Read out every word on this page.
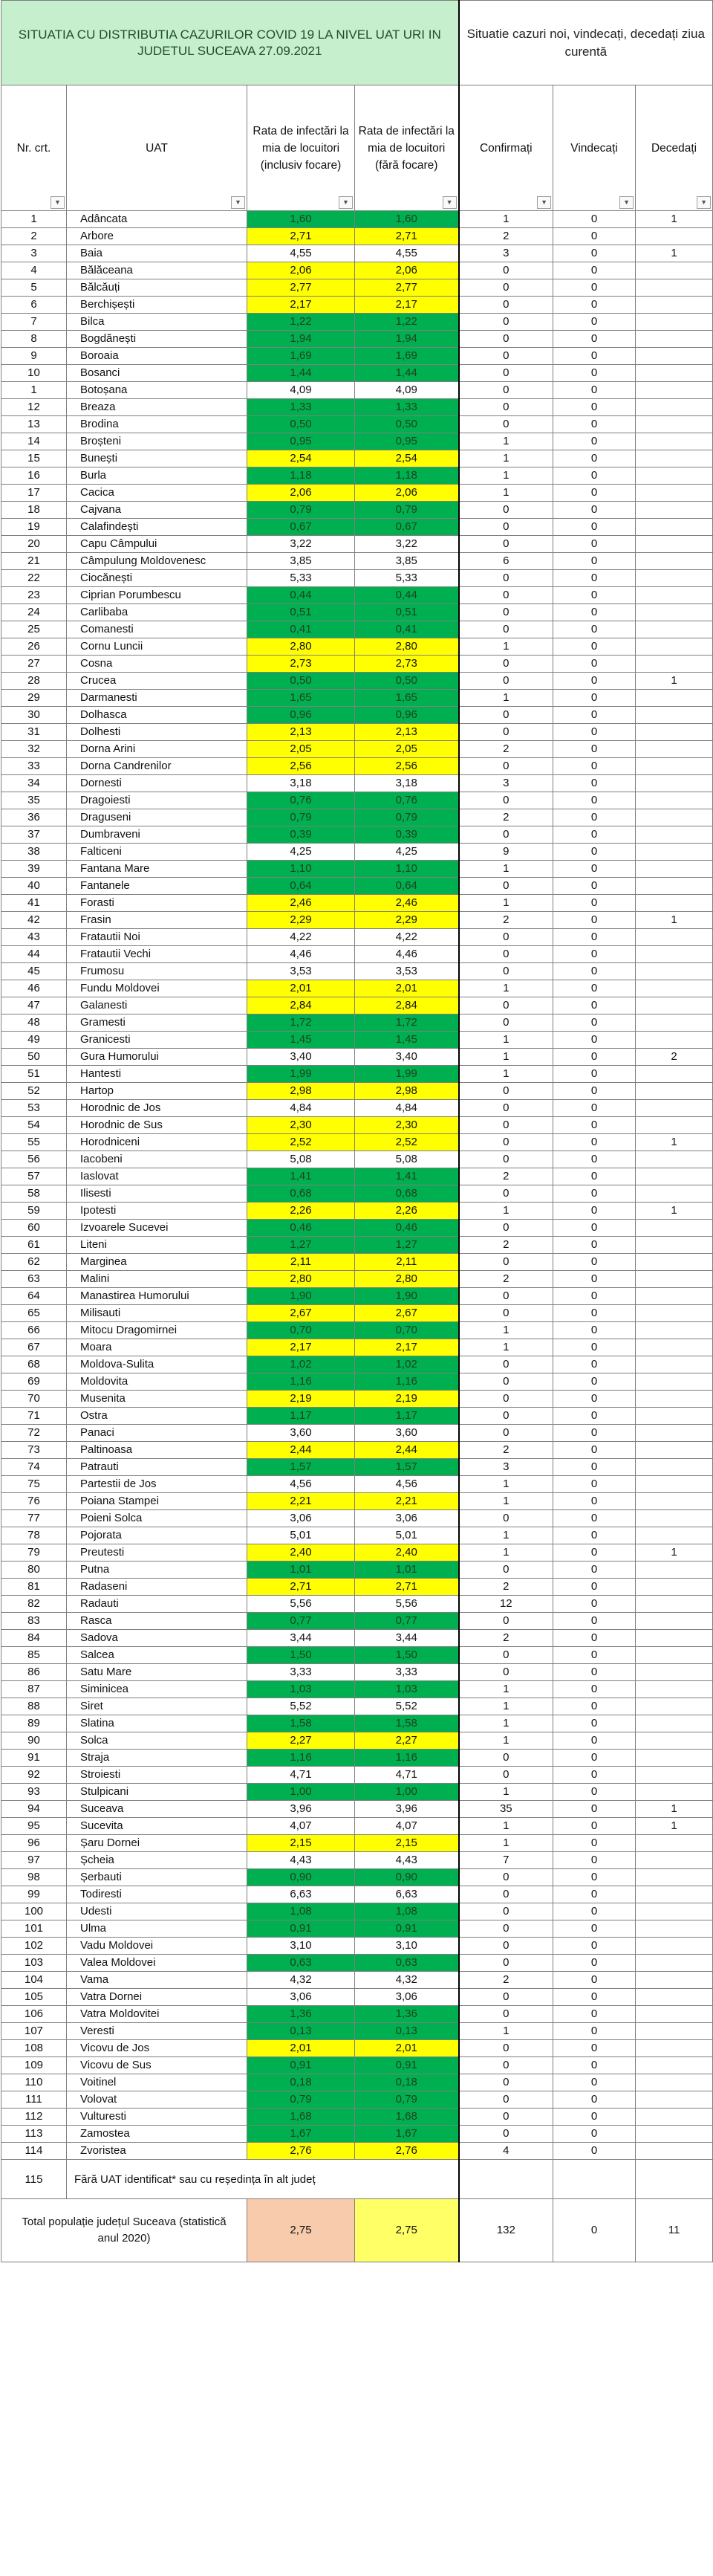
SITUATIA CU DISTRIBUTIA CAZURILOR COVID 19 LA NIVEL UAT URI IN JUDETUL SUCEAVA 27.09.2021				Situatie cazuri noi, vindecați, decedați ziua curentă		
Nr. crt.
▼	UAT
▼	Rata de infectări la mia de locuitori (inclusiv focare)
▼	Rata de infectări la mia de locuitori (fără focare)
▼	Confirmați
▼	Vindecați
▼	Decedați
▼

1	Adâncata	1,60	1,60	1	0	1
2	Arbore	2,71	2,71	2	0	
3	Baia	4,55	4,55	3	0	1
4	Bălăceana	2,06	2,06	0	0	
5	Bălcăuți	2,77	2,77	0	0	
6	Berchișești	2,17	2,17	0	0	
7	Bilca	1,22	1,22	0	0	
8	Bogdănești	1,94	1,94	0	0	
9	Boroaia	1,69	1,69	0	0	
10	Bosanci	1,44	1,44	0	0	
1	Botoșana	4,09	4,09	0	0	
12	Breaza	1,33	1,33	0	0	
13	Brodina	0,50	0,50	0	0	
14	Broșteni	0,95	0,95	1	0	
15	Bunești	2,54	2,54	1	0	
16	Burla	1,18	1,18	1	0	
17	Cacica	2,06	2,06	1	0	
18	Cajvana	0,79	0,79	0	0	
19	Calafindești	0,67	0,67	0	0	
20	Capu Câmpului	3,22	3,22	0	0	
21	Câmpulung Moldovenesc	3,85	3,85	6	0	
22	Ciocănești	5,33	5,33	0	0	
23	Ciprian Porumbescu	0,44	0,44	0	0	
24	Carlibaba	0,51	0,51	0	0	
25	Comanesti	0,41	0,41	0	0	
26	Cornu Luncii	2,80	2,80	1	0	
27	Cosna	2,73	2,73	0	0	
28	Crucea	0,50	0,50	0	0	1
29	Darmanesti	1,65	1,65	1	0	
30	Dolhasca	0,96	0,96	0	0	
31	Dolhesti	2,13	2,13	0	0	
32	Dorna Arini	2,05	2,05	2	0	
33	Dorna Candrenilor	2,56	2,56	0	0	
34	Dornesti	3,18	3,18	3	0	
35	Dragoiesti	0,76	0,76	0	0	
36	Draguseni	0,79	0,79	2	0	
37	Dumbraveni	0,39	0,39	0	0	
38	Falticeni	4,25	4,25	9	0	
39	Fantana Mare	1,10	1,10	1	0	
40	Fantanele	0,64	0,64	0	0	
41	Forasti	2,46	2,46	1	0	
42	Frasin	2,29	2,29	2	0	1
43	Fratautii Noi	4,22	4,22	0	0	
44	Fratautii Vechi	4,46	4,46	0	0	
45	Frumosu	3,53	3,53	0	0	
46	Fundu Moldovei	2,01	2,01	1	0	
47	Galanesti	2,84	2,84	0	0	
48	Gramesti	1,72	1,72	0	0	
49	Granicesti	1,45	1,45	1	0	
50	Gura Humorului	3,40	3,40	1	0	2
51	Hantesti	1,99	1,99	1	0	
52	Hartop	2,98	2,98	0	0	
53	Horodnic de Jos	4,84	4,84	0	0	
54	Horodnic de Sus	2,30	2,30	0	0	
55	Horodniceni	2,52	2,52	0	0	1
56	Iacobeni	5,08	5,08	0	0	
57	Iaslovat	1,41	1,41	2	0	
58	Ilisesti	0,68	0,68	0	0	
59	Ipotesti	2,26	2,26	1	0	1
60	Izvoarele Sucevei	0,46	0,46	0	0	
61	Liteni	1,27	1,27	2	0	
62	Marginea	2,11	2,11	0	0	
63	Malini	2,80	2,80	2	0	
64	Manastirea Humorului	1,90	1,90	0	0	
65	Milisauti	2,67	2,67	0	0	
66	Mitocu Dragomirnei	0,70	0,70	1	0	
67	Moara	2,17	2,17	1	0	
68	Moldova-Sulita	1,02	1,02	0	0	
69	Moldovita	1,16	1,16	0	0	
70	Musenita	2,19	2,19	0	0	
71	Ostra	1,17	1,17	0	0	
72	Panaci	3,60	3,60	0	0	
73	Paltinoasa	2,44	2,44	2	0	
74	Patrauti	1,57	1,57	3	0	
75	Partestii de Jos	4,56	4,56	1	0	
76	Poiana Stampei	2,21	2,21	1	0	
77	Poieni Solca	3,06	3,06	0	0	
78	Pojorata	5,01	5,01	1	0	
79	Preutesti	2,40	2,40	1	0	1
80	Putna	1,01	1,01	0	0	
81	Radaseni	2,71	2,71	2	0	
82	Radauti	5,56	5,56	12	0	
83	Rasca	0,77	0,77	0	0	
84	Sadova	3,44	3,44	2	0	
85	Salcea	1,50	1,50	0	0	
86	Satu Mare	3,33	3,33	0	0	
87	Siminicea	1,03	1,03	1	0	
88	Siret	5,52	5,52	1	0	
89	Slatina	1,58	1,58	1	0	
90	Solca	2,27	2,27	1	0	
91	Straja	1,16	1,16	0	0	
92	Stroiesti	4,71	4,71	0	0	
93	Stulpicani	1,00	1,00	1	0	
94	Suceava	3,96	3,96	35	0	1
95	Sucevita	4,07	4,07	1	0	1
96	Șaru Dornei	2,15	2,15	1	0	
97	Șcheia	4,43	4,43	7	0	
98	Șerbauti	0,90	0,90	0	0	
99	Todiresti	6,63	6,63	0	0	
100	Udesti	1,08	1,08	0	0	
101	Ulma	0,91	0,91	0	0	
102	Vadu Moldovei	3,10	3,10	0	0	
103	Valea Moldovei	0,63	0,63	0	0	
104	Vama	4,32	4,32	2	0	
105	Vatra Dornei	3,06	3,06	0	0	
106	Vatra Moldovitei	1,36	1,36	0	0	
107	Veresti	0,13	0,13	1	0	
108	Vicovu de Jos	2,01	2,01	0	0	
109	Vicovu de Sus	0,91	0,91	0	0	
110	Voitinel	0,18	0,18	0	0	
111	Volovat	0,79	0,79	0	0	
112	Vulturesti	1,68	1,68	0	0	
113	Zamostea	1,67	1,67	0	0	
114	Zvoristea	2,76	2,76	4	0	
115	Fără UAT identificat* sau cu reședința în alt județ					
Total populație județul Suceava (statistică anul 2020)		2,75	2,75	132	0	11
